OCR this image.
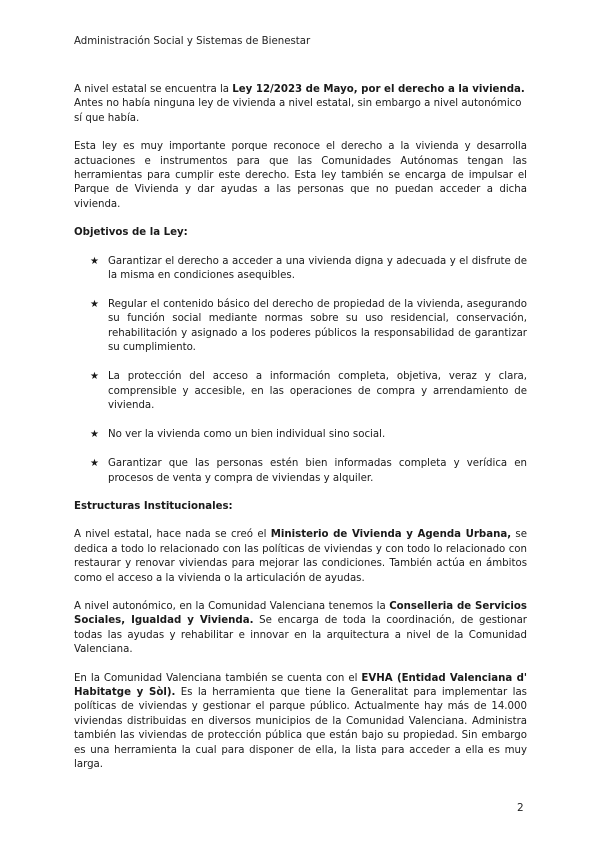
Administración Social y Sistemas de Bienestar

A nivel estatal se encuentra la Ley 12/2023 de Mayo, por el derecho a la vivienda. Antes no había ninguna ley de vivienda a nivel estatal, sin embargo a nivel autonómico sí que había.

Esta ley es muy importante porque reconoce el derecho a la vivienda y desarrolla actuaciones e instrumentos para que las Comunidades Autónomas tengan las herramientas para cumplir este derecho. Esta ley también se encarga de impulsar el Parque de Vivienda y dar ayudas a las personas que no puedan acceder a dicha vivienda.

Objetivos de la Ley:

★ Garantizar el derecho a acceder a una vivienda digna y adecuada y el disfrute de la misma en condiciones asequibles.
★ Regular el contenido básico del derecho de propiedad de la vivienda, asegurando su función social mediante normas sobre su uso residencial, conservación, rehabilitación y asignado a los poderes públicos la responsabilidad de garantizar su cumplimiento.
★ La protección del acceso a información completa, objetiva, veraz y clara, comprensible y accesible, en las operaciones de compra y arrendamiento de vivienda.
★ No ver la vivienda como un bien individual sino social.
★ Garantizar que las personas estén bien informadas completa y verídica en procesos de venta y compra de viviendas y alquiler.

Estructuras Institucionales:

A nivel estatal, hace nada se creó el Ministerio de Vivienda y Agenda Urbana, se dedica a todo lo relacionado con las políticas de viviendas y con todo lo relacionado con restaurar y renovar viviendas para mejorar las condiciones. También actúa en ámbitos como el acceso a la vivienda o la articulación de ayudas.

A nivel autonómico, en la Comunidad Valenciana tenemos la Conselleria de Servicios Sociales, Igualdad y Vivienda. Se encarga de toda la coordinación, de gestionar todas las ayudas y rehabilitar e innovar en la arquitectura a nivel de la Comunidad Valenciana.

En la Comunidad Valenciana también se cuenta con el EVHA (Entidad Valenciana d' Habitatge y Sòl). Es la herramienta que tiene la Generalitat para implementar las políticas de viviendas y gestionar el parque público. Actualmente hay más de 14.000 viviendas distribuidas en diversos municipios de la Comunidad Valenciana. Administra también las viviendas de protección pública que están bajo su propiedad. Sin embargo es una herramienta la cual para disponer de ella, la lista para acceder a ella es muy larga.

2
